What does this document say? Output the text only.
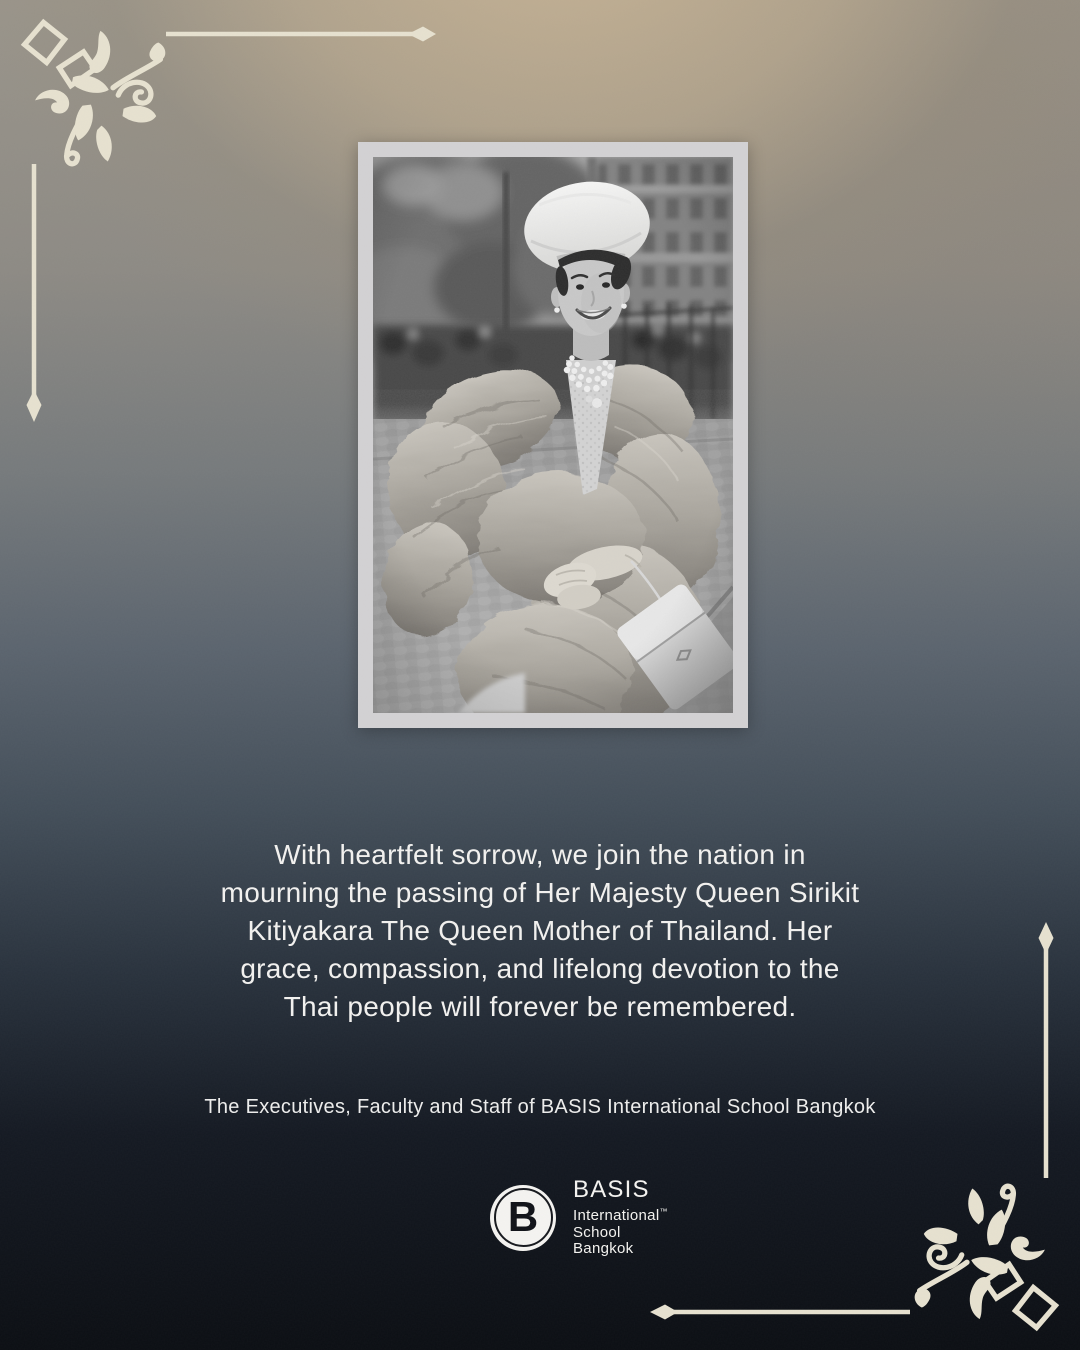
With heartfelt sorrow, we join the nation in
mourning the passing of Her Majesty Queen Sirikit
Kitiyakara The Queen Mother of Thailand. Her
grace, compassion, and lifelong devotion to the
Thai people will forever be remembered.
The Executives, Faculty and Staff of BASIS International School Bangkok
B
BASIS
International™
School
Bangkok
